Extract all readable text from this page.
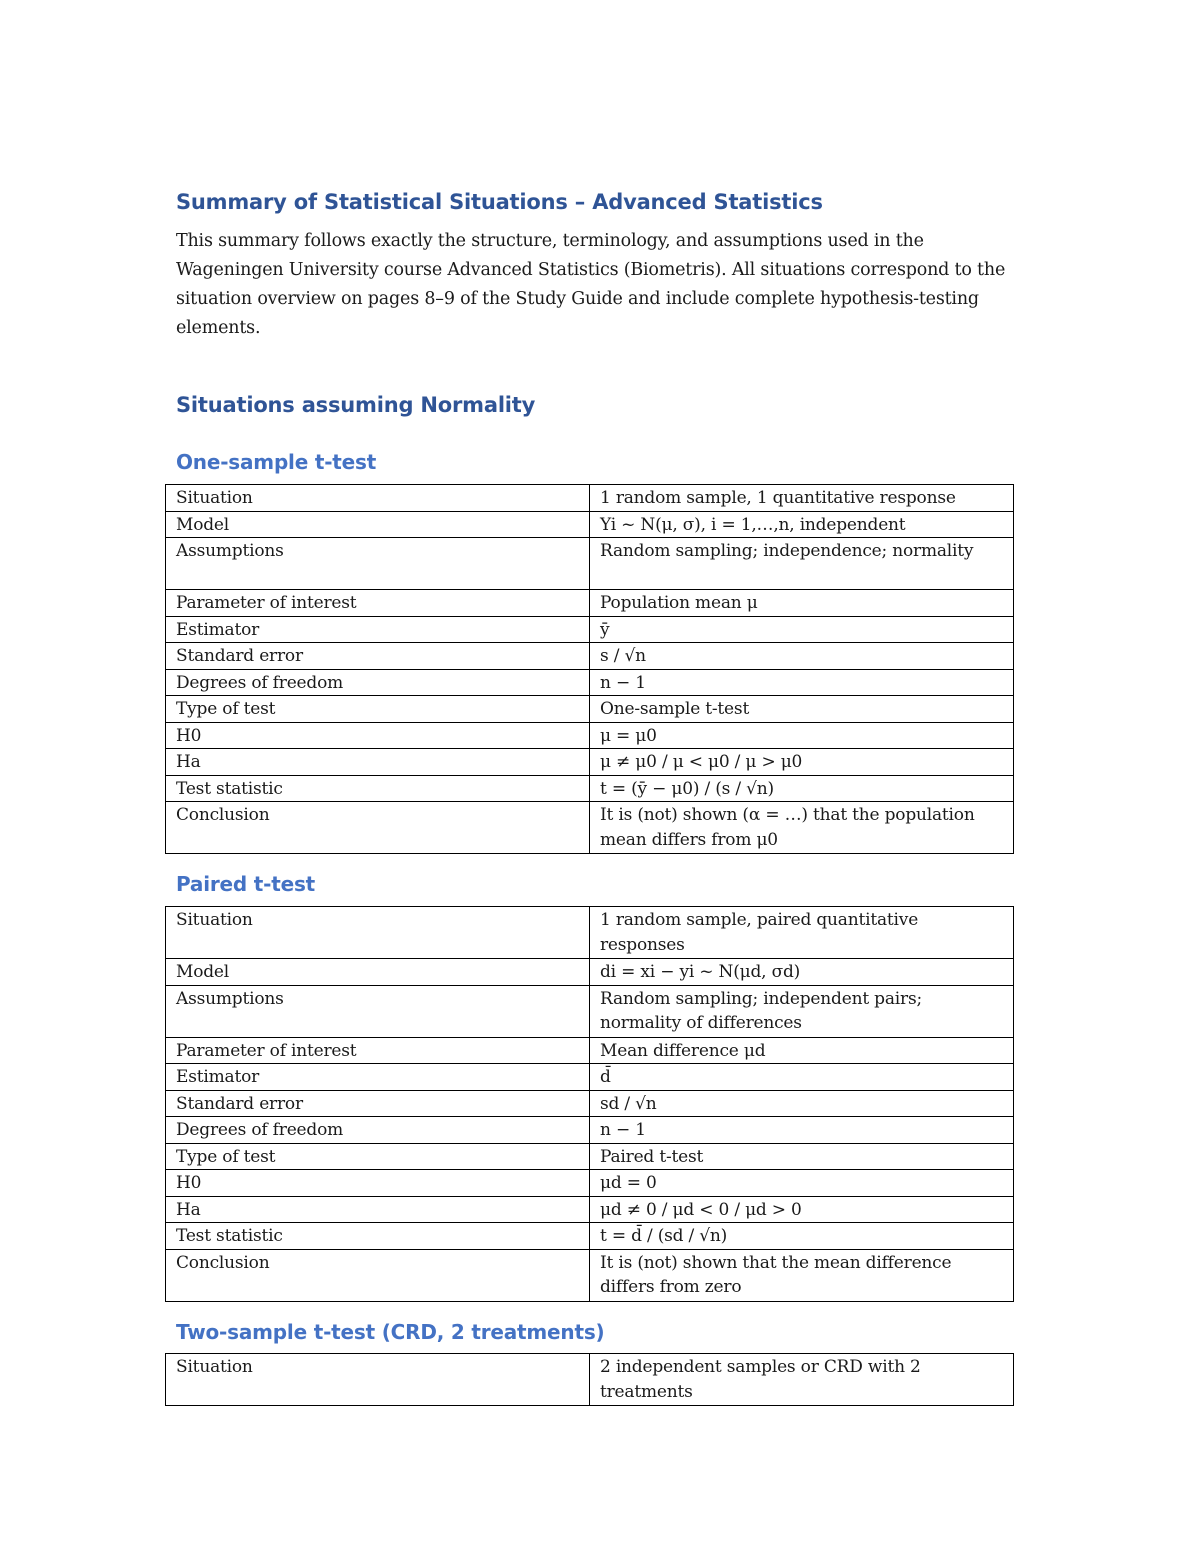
Summary of Statistical Situations – Advanced Statistics
This summary follows exactly the structure, terminology, and assumptions used in the Wageningen University course Advanced Statistics (Biometris). All situations correspond to the situation overview on pages 8–9 of the Study Guide and include complete hypothesis-testing elements.
Situations assuming Normality
One-sample t-test
Situation	1 random sample, 1 quantitative response
Model	Yi ~ N(μ, σ), i = 1,…,n, independent
Assumptions	Random sampling; independence; normality
Parameter of interest	Population mean μ
Estimator	ȳ
Standard error	s / √n
Degrees of freedom	n − 1
Type of test	One-sample t-test
H0	μ = μ0
Ha	μ ≠ μ0 / μ < μ0 / μ > μ0
Test statistic	t = (ȳ − μ0) / (s / √n)
Conclusion	It is (not) shown (α = …) that the population mean differs from μ0
Paired t-test
Situation	1 random sample, paired quantitative responses
Model	di = xi − yi ~ N(μd, σd)
Assumptions	Random sampling; independent pairs; normality of differences
Parameter of interest	Mean difference μd
Estimator	d̄
Standard error	sd / √n
Degrees of freedom	n − 1
Type of test	Paired t-test
H0	μd = 0
Ha	μd ≠ 0 / μd < 0 / μd > 0
Test statistic	t = d̄ / (sd / √n)
Conclusion	It is (not) shown that the mean difference differs from zero
Two-sample t-test (CRD, 2 treatments)
Situation	2 independent samples or CRD with 2 treatments
